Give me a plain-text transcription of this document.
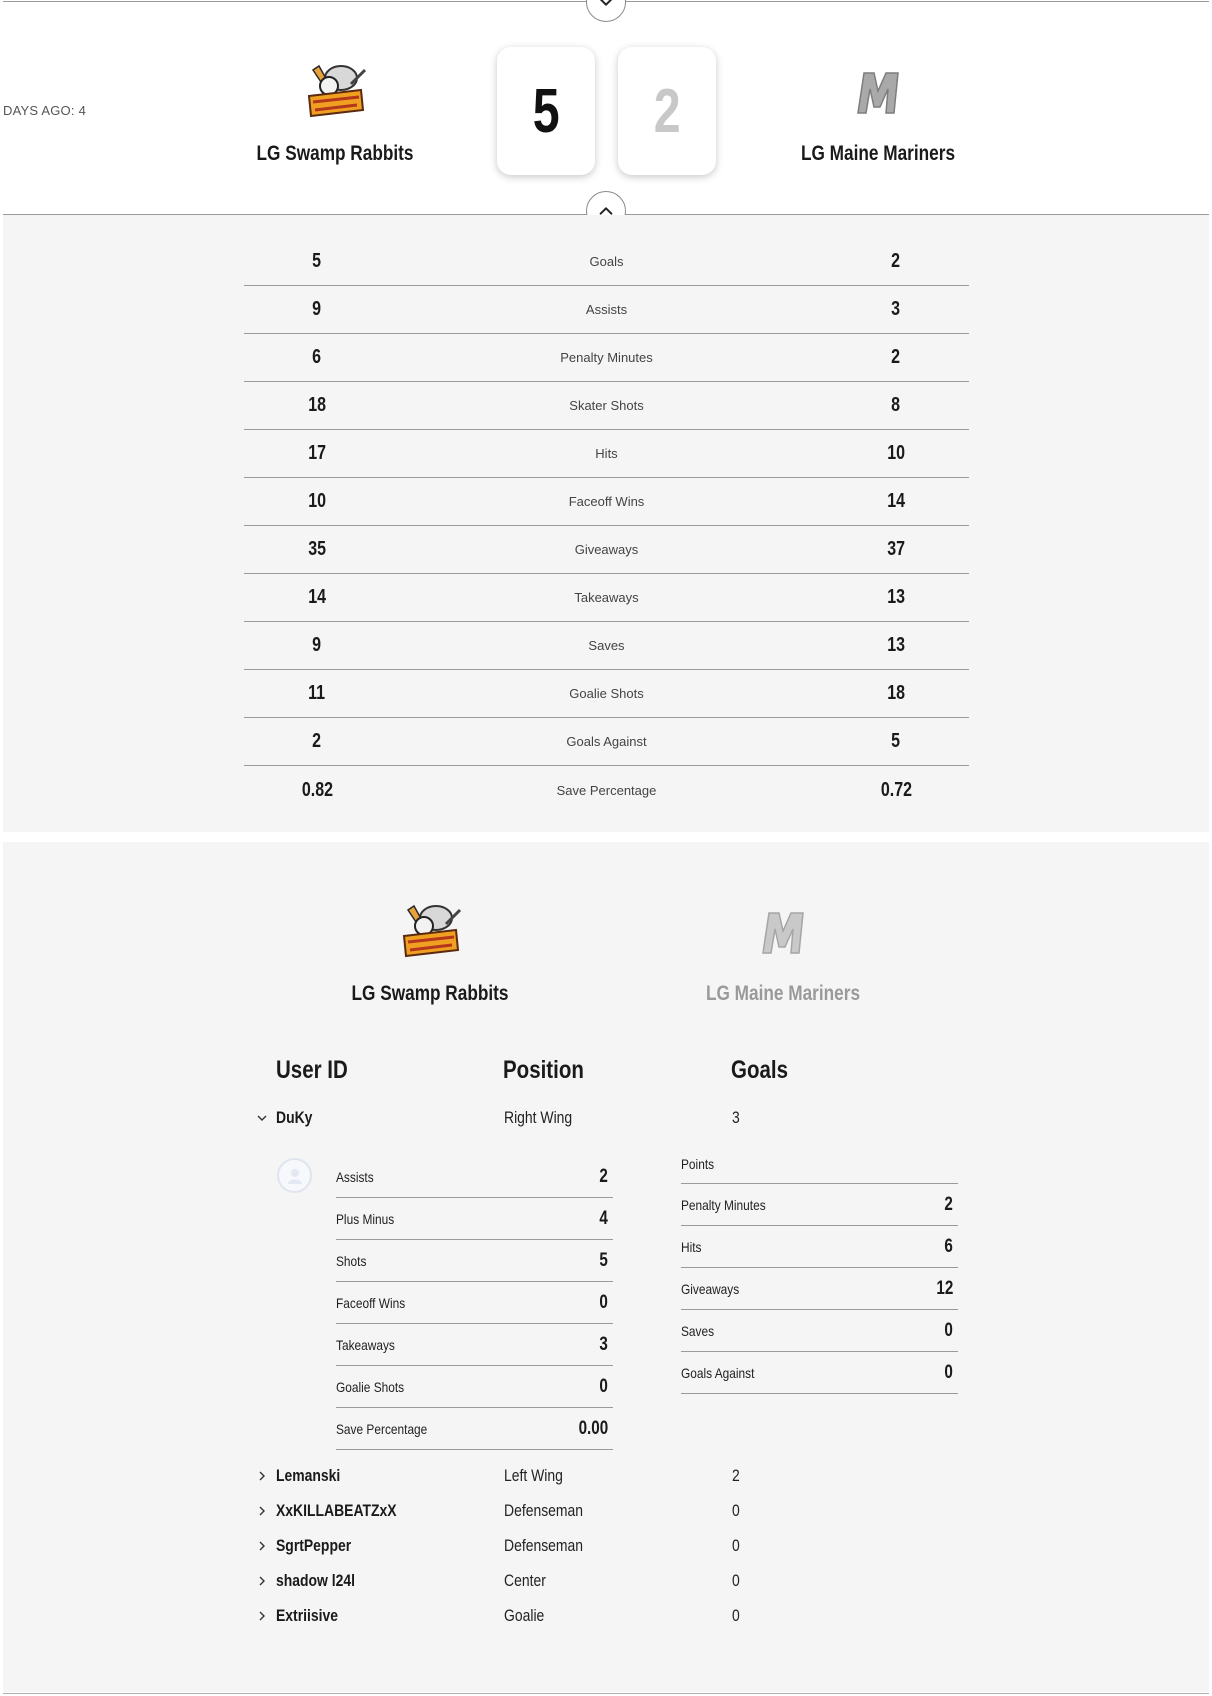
DAYS AGO: 4
LG Swamp Rabbits
5 2
LG Maine Mariners
5	Goals	2
9	Assists	3
6	Penalty Minutes	2
18	Skater Shots	8
17	Hits	10
10	Faceoff Wins	14
35	Giveaways	37
14	Takeaways	13
9	Saves	13
11	Goalie Shots	18
2	Goals Against	5
0.82	Save Percentage	0.72
LG Swamp Rabbits	LG Maine Mariners
User ID	Position	Goals
DuKy	Right Wing	3
Assists	2
Plus Minus	4
Shots	5
Faceoff Wins	0
Takeaways	3
Goalie Shots	0
Save Percentage	0.00
Points
Penalty Minutes	2
Hits	6
Giveaways	12
Saves	0
Goals Against	0
Lemanski	Left Wing	2
XxKILLABEATZxX	Defenseman	0
SgrtPepper	Defenseman	0
shadow l24l	Center	0
Extriisive	Goalie	0
